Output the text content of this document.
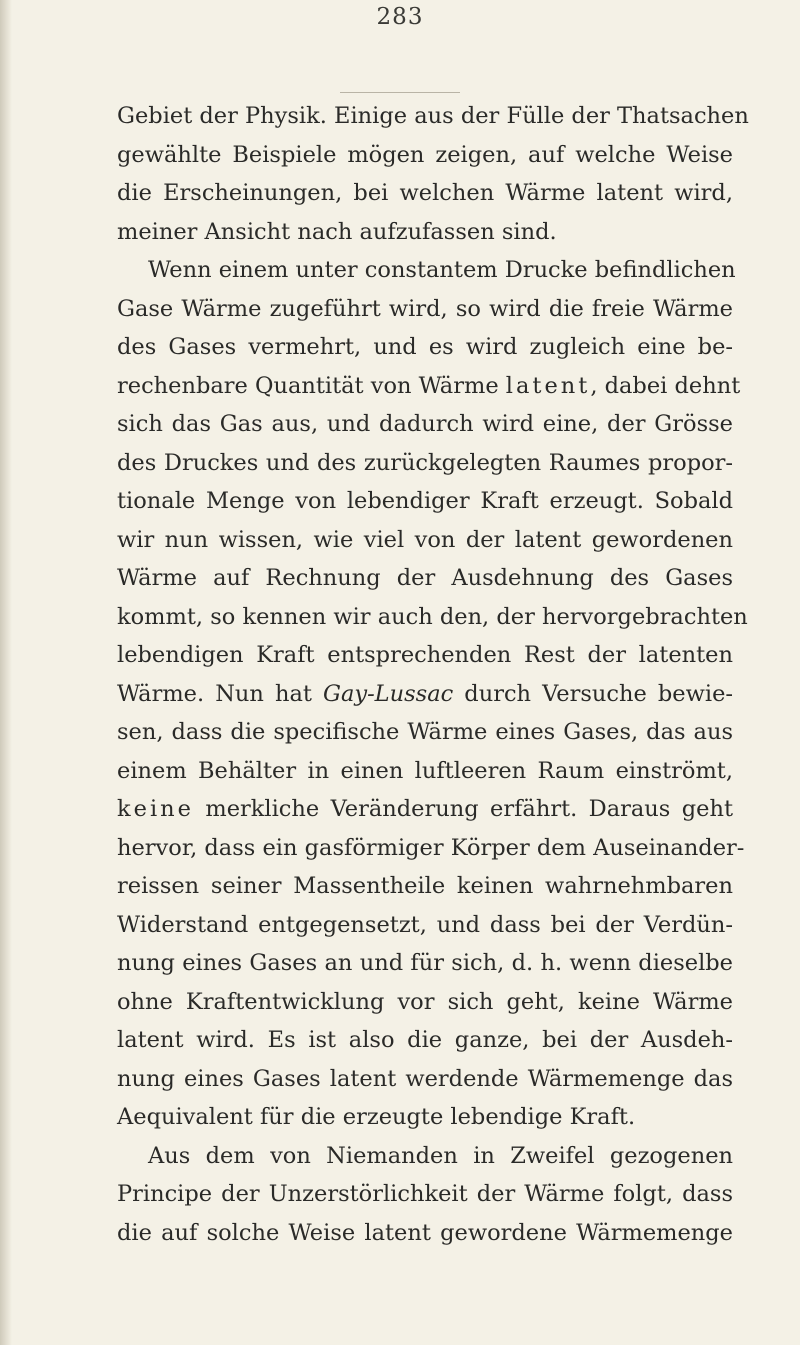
283
Gebiet der Physik. Einige aus der Fülle der Thatsachen
gewählte Beispiele mögen zeigen, auf welche Weise
die Erscheinungen, bei welchen Wärme latent wird,
meiner Ansicht nach aufzufassen sind.
Wenn einem unter constantem Drucke befindlichen
Gase Wärme zugeführt wird, so wird die freie Wärme
des Gases vermehrt, und es wird zugleich eine be-
rechenbare Quantität von Wärme latent, dabei dehnt
sich das Gas aus, und dadurch wird eine, der Grösse
des Druckes und des zurückgelegten Raumes propor-
tionale Menge von lebendiger Kraft erzeugt. Sobald
wir nun wissen, wie viel von der latent gewordenen
Wärme auf Rechnung der Ausdehnung des Gases
kommt, so kennen wir auch den, der hervorgebrachten
lebendigen Kraft entsprechenden Rest der latenten
Wärme. Nun hat Gay-Lussac durch Versuche bewie-
sen, dass die specifische Wärme eines Gases, das aus
einem Behälter in einen luftleeren Raum einströmt,
keine merkliche Veränderung erfährt. Daraus geht
hervor, dass ein gasförmiger Körper dem Auseinander-
reissen seiner Massentheile keinen wahrnehmbaren
Widerstand entgegensetzt, und dass bei der Verdün-
nung eines Gases an und für sich, d. h. wenn dieselbe
ohne Kraftentwicklung vor sich geht, keine Wärme
latent wird. Es ist also die ganze, bei der Ausdeh-
nung eines Gases latent werdende Wärmemenge das
Aequivalent für die erzeugte lebendige Kraft.
Aus dem von Niemanden in Zweifel gezogenen
Principe der Unzerstörlichkeit der Wärme folgt, dass
die auf solche Weise latent gewordene Wärmemenge
